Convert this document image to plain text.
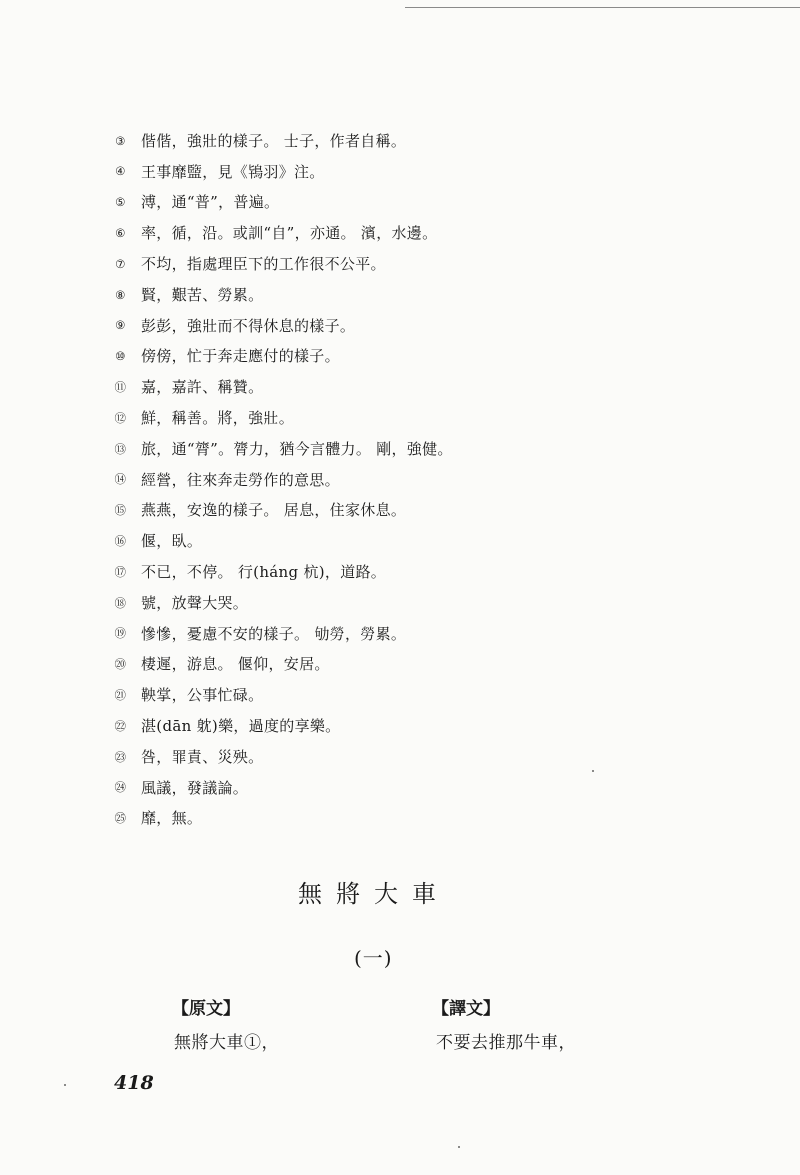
③ 偕偕，強壯的樣子。 士子，作者自稱。
④ 王事靡盬，見《鴇羽》注。
⑤ 溥，通“普”，普遍。
⑥ 率，循，沿。或訓“自”，亦通。 濱，水邊。
⑦ 不均，指處理臣下的工作很不公平。
⑧ 賢，艱苦、勞累。
⑨ 彭彭，強壯而不得休息的樣子。
⑩ 傍傍，忙于奔走應付的樣子。
⑪ 嘉，嘉許、稱贊。
⑫ 鮮，稱善。將，強壯。
⑬ 旅，通“膂”。膂力，猶今言體力。 剛，強健。
⑭ 經營，往來奔走勞作的意思。
⑮ 燕燕，安逸的樣子。 居息，住家休息。
⑯ 偃，臥。
⑰ 不已，不停。 行(háng 杭)，道路。
⑱ 號，放聲大哭。
⑲ 慘慘，憂慮不安的樣子。 劬勞，勞累。
⑳ 棲遲，游息。 偃仰，安居。
㉑ 鞅掌，公事忙碌。
㉒ 湛(dān 躭)樂，過度的享樂。
㉓ 咎，罪責、災殃。
㉔ 風議，發議論。
㉕ 靡，無。
無將大車
(一)
【原文】	【譯文】
無將大車①，	不要去推那牛車，
418
